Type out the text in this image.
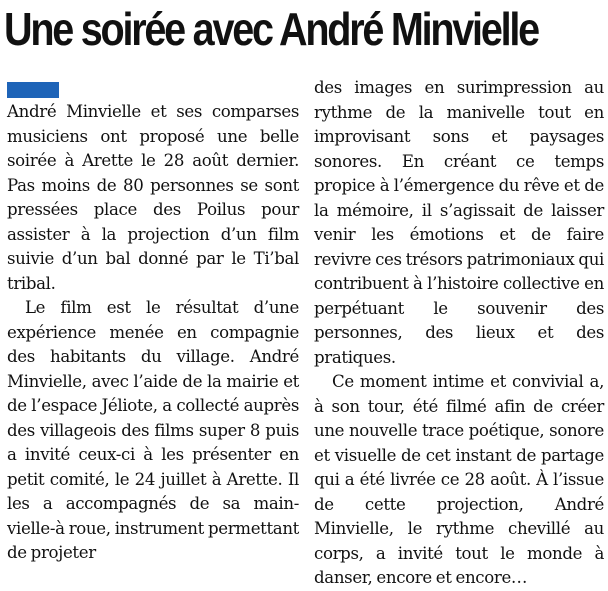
Une soirée avec André Minvielle

André Minvielle et ses comparses musiciens ont proposé une belle soirée à Arette le 28 août dernier. Pas moins de 80 personnes se sont pressées place des Poilus pour assister à la projection d’un film suivie d’un bal donné par le Ti’bal tribal.

Le film est le résultat d’une expérience menée en compagnie des habitants du village. André Minvielle, avec l’aide de la mairie et de l’espace Jéliote, a collecté auprès des villageois des films super 8 puis a invité ceux-ci à les présenter en petit comité, le 24 juillet à Arette. Il les a accompagnés de sa main-vielle-à roue, instrument permettant de projeter

des images en surimpression au rythme de la manivelle tout en improvisant sons et paysages sonores. En créant ce temps propice à l’émergence du rêve et de la mémoire, il s’agissait de laisser venir les émotions et de faire revivre ces trésors patrimoniaux qui contribuent à l’histoire collective en perpétuant le souvenir des personnes, des lieux et des pratiques.

Ce moment intime et convivial a, à son tour, été filmé afin de créer une nouvelle trace poétique, sonore et visuelle de cet instant de partage qui a été livrée ce 28 août. À l’issue de cette projection, André Minvielle, le rythme chevillé au corps, a invité tout le monde à danser, encore et encore…
